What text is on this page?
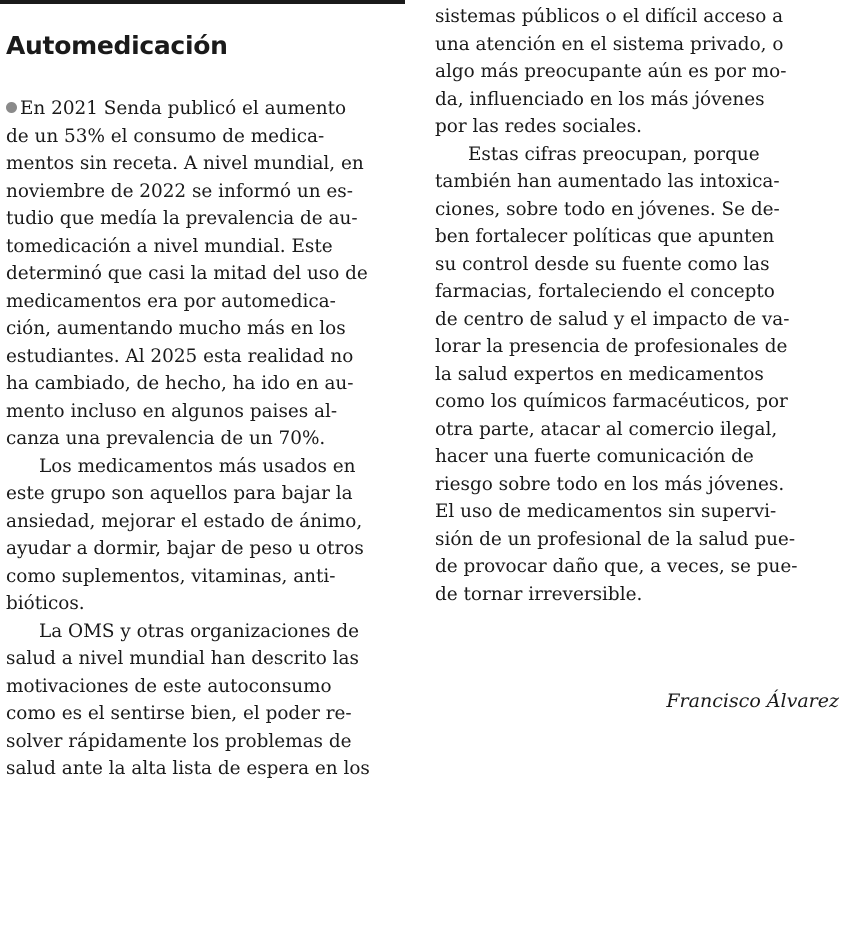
Automedicación
En 2021 Senda publicó el aumento
de un 53% el consumo de medica-
mentos sin receta. A nivel mundial, en
noviembre de 2022 se informó un es-
tudio que medía la prevalencia de au-
tomedicación a nivel mundial. Este
determinó que casi la mitad del uso de
medicamentos era por automedica-
ción, aumentando mucho más en los
estudiantes. Al 2025 esta realidad no
ha cambiado, de hecho, ha ido en au-
mento incluso en algunos paises al-
canza una prevalencia de un 70%.
Los medicamentos más usados en
este grupo son aquellos para bajar la
ansiedad, mejorar el estado de ánimo,
ayudar a dormir, bajar de peso u otros
como suplementos, vitaminas, anti-
bióticos.
La OMS y otras organizaciones de
salud a nivel mundial han descrito las
motivaciones de este autoconsumo
como es el sentirse bien, el poder re-
solver rápidamente los problemas de
salud ante la alta lista de espera en los
sistemas públicos o el difícil acceso a
una atención en el sistema privado, o
algo más preocupante aún es por mo-
da, influenciado en los más jóvenes
por las redes sociales.
Estas cifras preocupan, porque
también han aumentado las intoxica-
ciones, sobre todo en jóvenes. Se de-
ben fortalecer políticas que apunten
su control desde su fuente como las
farmacias, fortaleciendo el concepto
de centro de salud y el impacto de va-
lorar la presencia de profesionales de
la salud expertos en medicamentos
como los químicos farmacéuticos, por
otra parte, atacar al comercio ilegal,
hacer una fuerte comunicación de
riesgo sobre todo en los más jóvenes.
El uso de medicamentos sin supervi-
sión de un profesional de la salud pue-
de provocar daño que, a veces, se pue-
de tornar irreversible.

Francisco Álvarez
